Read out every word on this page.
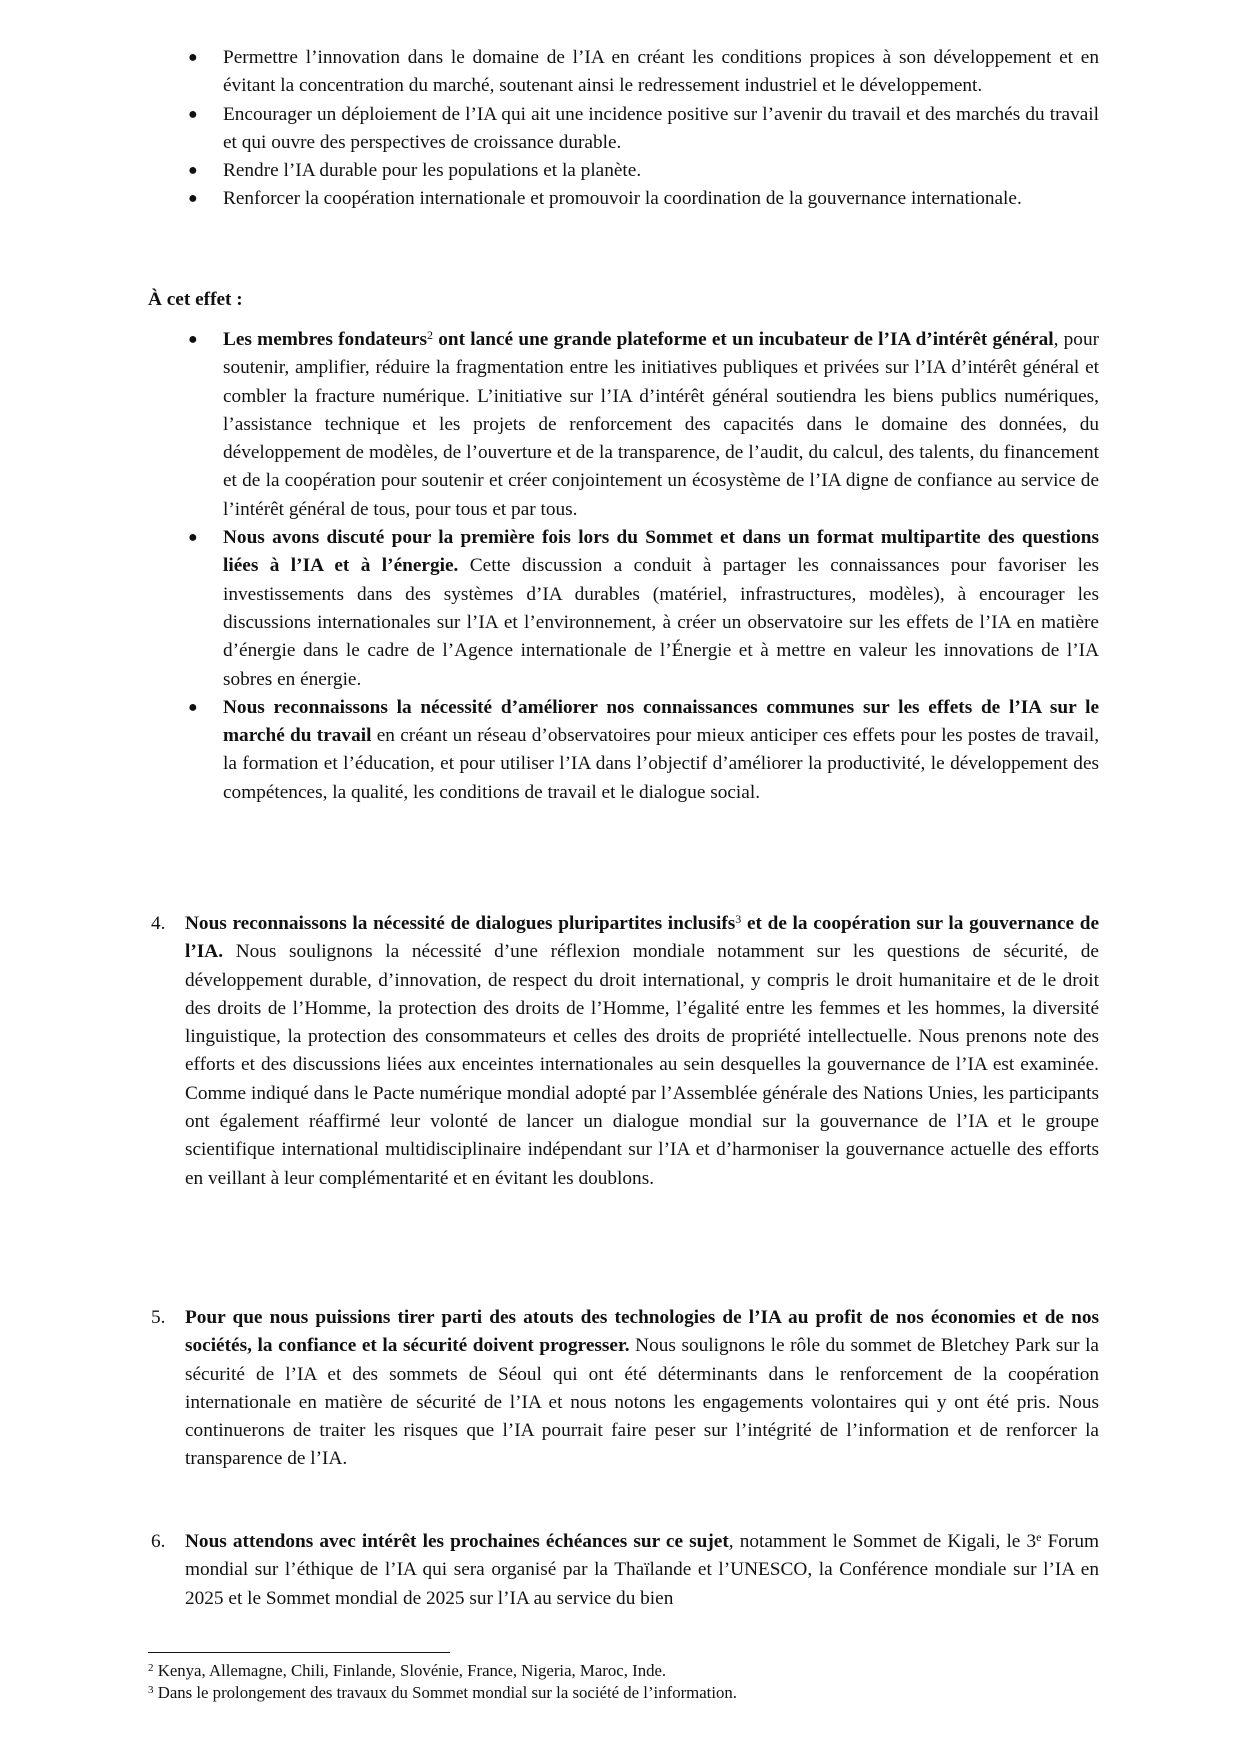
● Permettre l’innovation dans le domaine de l’IA en créant les conditions propices à son développement et en évitant la concentration du marché, soutenant ainsi le redressement industriel et le développement.
● Encourager un déploiement de l’IA qui ait une incidence positive sur l’avenir du travail et des marchés du travail et qui ouvre des perspectives de croissance durable.
● Rendre l’IA durable pour les populations et la planète.
● Renforcer la coopération internationale et promouvoir la coordination de la gouvernance internationale.
À cet effet :
● Les membres fondateurs$^2$ ont lancé une grande plateforme et un incubateur de l’IA d’intérêt général, pour soutenir, amplifier, réduire la fragmentation entre les initiatives publiques et privées sur l’IA d’intérêt général et combler la fracture numérique. L’initiative sur l’IA d’intérêt général soutiendra les biens publics numériques, l’assistance technique et les projets de renforcement des capacités dans le domaine des données, du développement de modèles, de l’ouverture et de la transparence, de l’audit, du calcul, des talents, du financement et de la coopération pour soutenir et créer conjointement un écosystème de l’IA digne de confiance au service de l’intérêt général de tous, pour tous et par tous.
● Nous avons discuté pour la première fois lors du Sommet et dans un format multipartite des questions liées à l’IA et à l’énergie. Cette discussion a conduit à partager les connaissances pour favoriser les investissements dans des systèmes d’IA durables (matériel, infrastructures, modèles), à encourager les discussions internationales sur l’IA et l’environnement, à créer un observatoire sur les effets de l’IA en matière d’énergie dans le cadre de l’Agence internationale de l’Énergie et à mettre en valeur les innovations de l’IA sobres en énergie.
● Nous reconnaissons la nécessité d’améliorer nos connaissances communes sur les effets de l’IA sur le marché du travail en créant un réseau d’observatoires pour mieux anticiper ces effets pour les postes de travail, la formation et l’éducation, et pour utiliser l’IA dans l’objectif d’améliorer la productivité, le développement des compétences, la qualité, les conditions de travail et le dialogue social.
4. Nous reconnaissons la nécessité de dialogues pluripartites inclusifs$^3$ et de la coopération sur la gouvernance de l’IA. Nous soulignons la nécessité d’une réflexion mondiale notamment sur les questions de sécurité, de développement durable, d’innovation, de respect du droit international, y compris le droit humanitaire et de le droit des droits de l’Homme, la protection des droits de l’Homme, l’égalité entre les femmes et les hommes, la diversité linguistique, la protection des consommateurs et celles des droits de propriété intellectuelle. Nous prenons note des efforts et des discussions liées aux enceintes internationales au sein desquelles la gouvernance de l’IA est examinée. Comme indiqué dans le Pacte numérique mondial adopté par l’Assemblée générale des Nations Unies, les participants ont également réaffirmé leur volonté de lancer un dialogue mondial sur la gouvernance de l’IA et le groupe scientifique international multidisciplinaire indépendant sur l’IA et d’harmoniser la gouvernance actuelle des efforts en veillant à leur complémentarité et en évitant les doublons.
5. Pour que nous puissions tirer parti des atouts des technologies de l’IA au profit de nos économies et de nos sociétés, la confiance et la sécurité doivent progresser. Nous soulignons le rôle du sommet de Bletchey Park sur la sécurité de l’IA et des sommets de Séoul qui ont été déterminants dans le renforcement de la coopération internationale en matière de sécurité de l’IA et nous notons les engagements volontaires qui y ont été pris. Nous continuerons de traiter les risques que l’IA pourrait faire peser sur l’intégrité de l’information et de renforcer la transparence de l’IA.
6. Nous attendons avec intérêt les prochaines échéances sur ce sujet, notamment le Sommet de Kigali, le 3e Forum mondial sur l’éthique de l’IA qui sera organisé par la Thaïlande et l’UNESCO, la Conférence mondiale sur l’IA en 2025 et le Sommet mondial de 2025 sur l’IA au service du bien
$^2$ Kenya, Allemagne, Chili, Finlande, Slovénie, France, Nigeria, Maroc, Inde.
$^3$ Dans le prolongement des travaux du Sommet mondial sur la société de l’information.
